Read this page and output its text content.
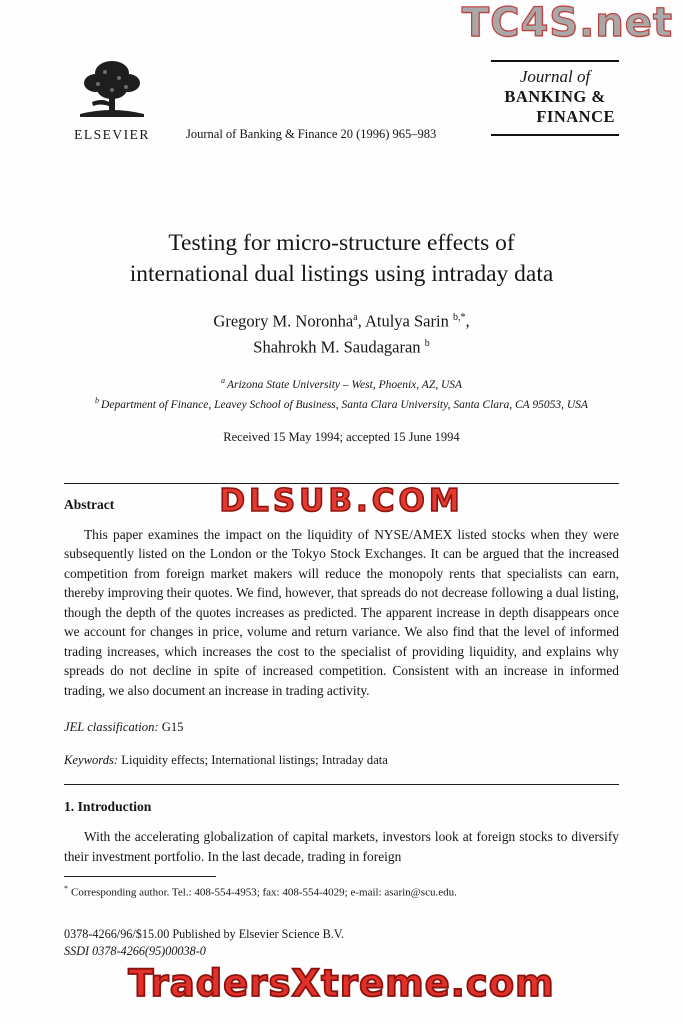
TC4S.net
ELSEVIER	Journal of Banking & Finance 20 (1996) 965–983
Journal of
BANKING &
FINANCE
Testing for micro-structure effects of
international dual listings using intraday data
Gregory M. Noronha$^a$, Atulya Sarin $^{b,*}$,
Shahrokh M. Saudagaran $^b$
$^a$ Arizona State University – West, Phoenix, AZ, USA
$^b$ Department of Finance, Leavey School of Business, Santa Clara University, Santa Clara, CA 95053, USA
Received 15 May 1994; accepted 15 June 1994
Abstract

This paper examines the impact on the liquidity of NYSE/AMEX listed stocks when they were subsequently listed on the London or the Tokyo Stock Exchanges. It can be argued that the increased competition from foreign market makers will reduce the monopoly rents that specialists can earn, thereby improving their quotes. We find, however, that spreads do not decrease following a dual listing, though the depth of the quotes increases as predicted. The apparent increase in depth disappears once we account for changes in price, volume and return variance. We also find that the level of informed trading increases, which increases the cost to the specialist of providing liquidity, and explains why spreads do not decline in spite of increased competition. Consistent with an increase in informed trading, we also document an increase in trading activity.

JEL classification: G15
Keywords: Liquidity effects; International listings; Intraday data
1. Introduction

With the accelerating globalization of capital markets, investors look at foreign stocks to diversify their investment portfolio. In the last decade, trading in foreign

DLSUB.COM
* Corresponding author. Tel.: 408-554-4953; fax: 408-554-4029; e-mail: asarin@scu.edu.
0378-4266/96/$15.00 Published by Elsevier Science B.V.
SSDI 0378-4266(95)00038-0
TradersXtreme.com
